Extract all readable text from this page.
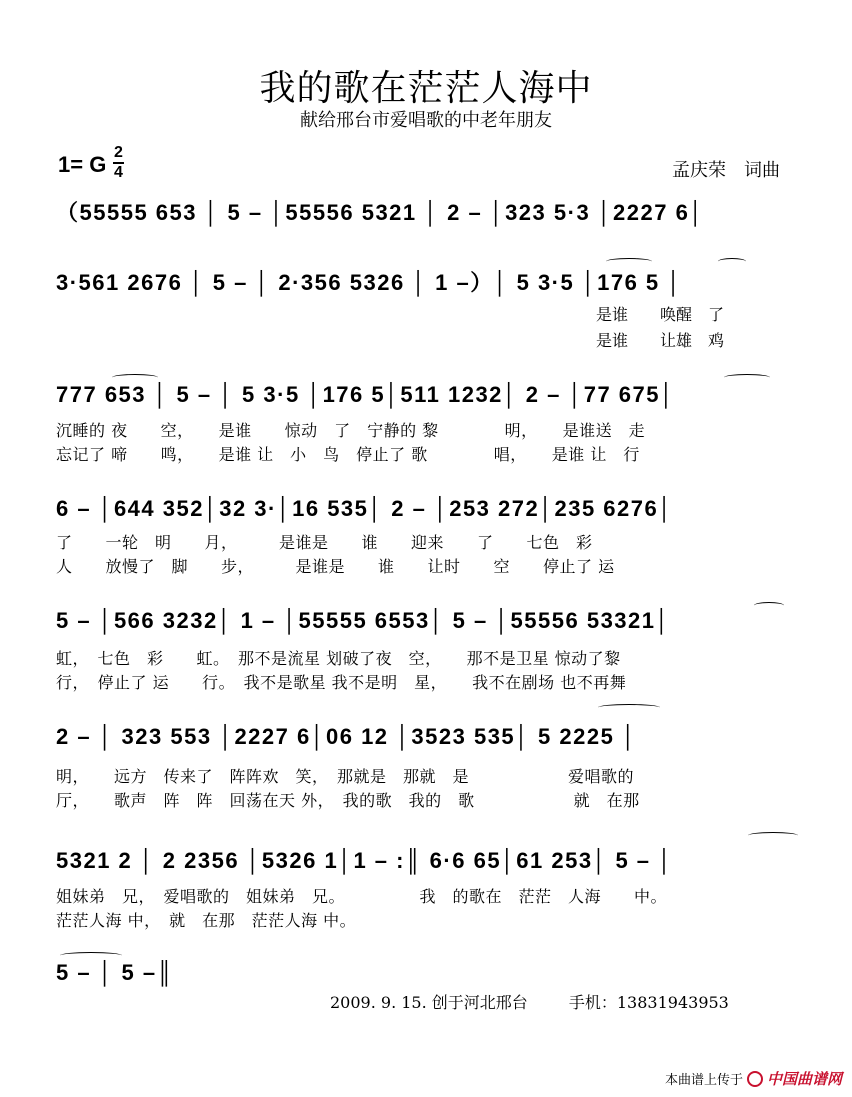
我的歌在茫茫人海中
献给邢台市爱唱歌的中老年朋友
1= G 2
4	孟庆荣　词曲
（55555 653 │ 5 – │55556 5321 │ 2 – │323 5·3 │2227 6│
3·561 2676 │ 5 – │ 2·356 5326 │ 1 –）│ 5 3·5 │176 5 │
是谁　　唤醒　了
是谁　　让雄　鸡
777 653 │ 5 – │ 5 3·5 │176 5│511 1232│ 2 – │77 675│
沉睡的 夜　　空，　　是谁　　惊动　了　宁静的 黎　　　　明，　　是谁送　走
忘记了 啼　　鸣，　　是谁 让　小　鸟　停止了 歌　　　　唱，　　是谁 让　行
6 – │644 352│32 3·│16 535│ 2 – │253 272│235 6276│
了　　一轮　明　　月，　　　是谁是　　谁　　迎来　　了　　七色　彩
人　　放慢了　脚　　步，　　　是谁是　　谁　　让时　　空　　停止了 运
5 – │566 3232│ 1 – │55555 6553│ 5 – │55556 53321│
虹，　七色　彩　　虹。　那不是流星 划破了夜　空，　　那不是卫星 惊动了黎
行，　停止了 运　　行。　我不是歌星 我不是明　星，　　我不在剧场 也不再舞
2 – │ 323 553 │2227 6│06 12 │3523 535│ 5 2225 │
明，　　远方　传来了　阵阵欢　笑，　那就是　那就　是　　　　　　爱唱歌的
厅，　　歌声　阵　阵　回荡在天 外，　我的歌　我的　歌　　　　　　就　在那
5321 2 │ 2 2356 │5326 1│1 – :║ 6·6 65│61 253│ 5 – │
姐妹弟　兄，　爱唱歌的　姐妹弟　兄。　　　　　我　的歌在　茫茫　人海　　中。
茫茫人海 中，　就　在那　茫茫人海 中。
5 – │ 5 –║
2009. 9. 15. 创于河北邢台	手机：13831943953
本曲谱上传于 中国曲谱网
